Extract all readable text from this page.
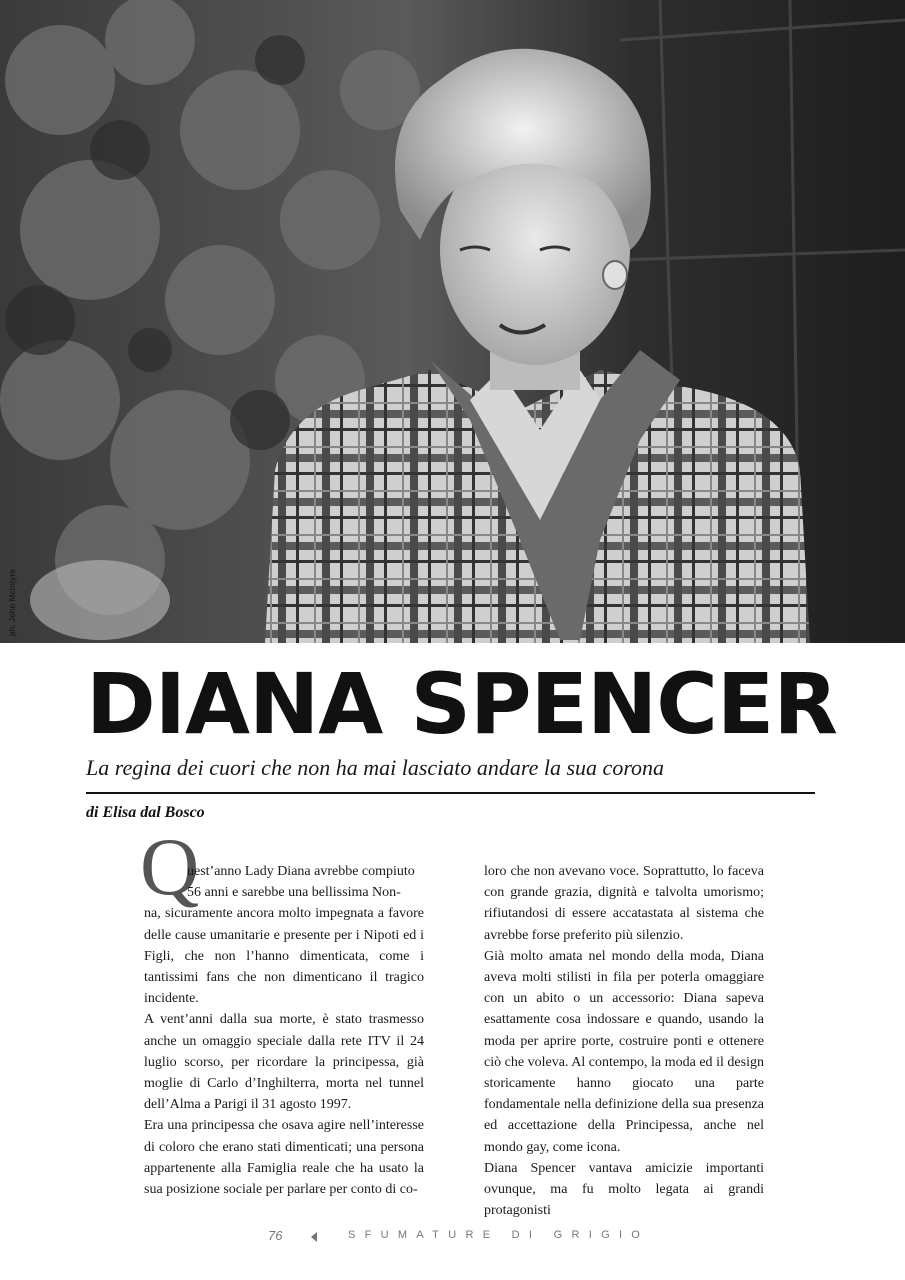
ph. John McIntyre
DIANA SPENCER

La regina dei cuori che non ha mai lasciato andare la sua corona

di Elisa dal Bosco
Q

uest’anno Lady Diana avrebbe compiuto
56 anni e sarebbe una bellissima Non-
na, sicuramente ancora molto impegnata a favore delle cause umanitarie e presente per i Nipoti ed i Figli, che non l’hanno dimenticata, come i tantissimi fans che non dimenticano il tragico incidente.

A vent’anni dalla sua morte, è stato trasmesso anche un omaggio speciale dalla rete ITV il 24 luglio scorso, per ricordare la principessa, già moglie di Carlo d’Inghilterra, morta nel tunnel dell’Alma a Parigi il 31 agosto 1997.

Era una principessa che osava agire nell’interesse di coloro che erano stati dimenticati; una persona appartenente alla Famiglia reale che ha usato la sua posizione sociale per parlare per conto di co-

loro che non avevano voce. Soprattutto, lo faceva con grande grazia, dignità e talvolta umorismo; rifiutandosi di essere accatastata al sistema che avrebbe forse preferito più silenzio.

Già molto amata nel mondo della moda, Diana aveva molti stilisti in fila per poterla omaggiare con un abito o un accessorio: Diana sapeva esattamente cosa indossare e quando, usando la moda per aprire porte, costruire ponti e ottenere ciò che voleva. Al contempo, la moda ed il design storicamente hanno giocato una parte fondamentale nella definizione della sua presenza ed accettazione della Principessa, anche nel mondo gay, come icona.

Diana Spencer vantava amicizie importanti ovunque, ma fu molto legata ai grandi protagonisti

76	SFUMATURE DI GRIGIO
